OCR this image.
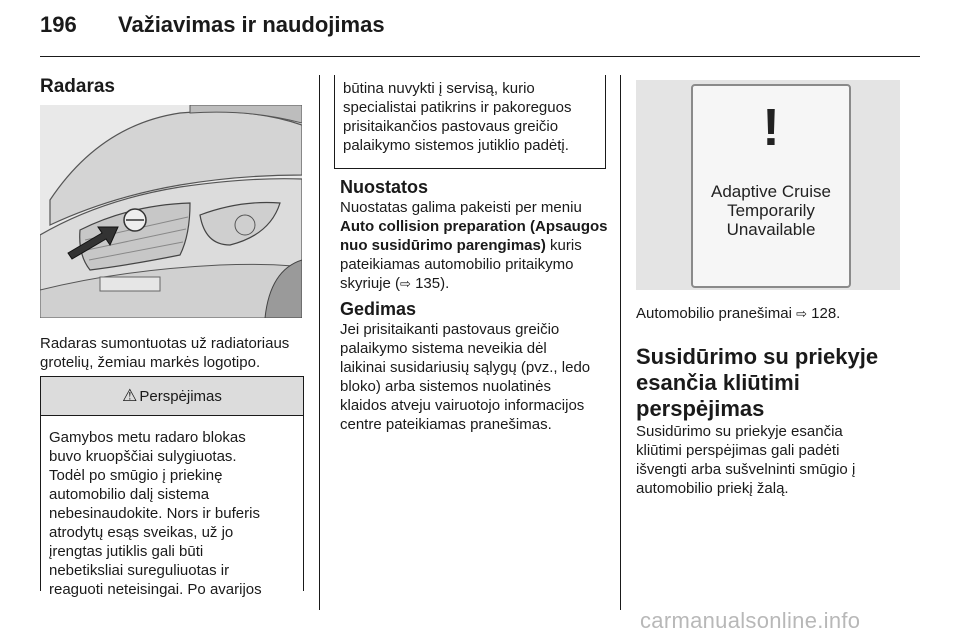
196 Važiavimas ir naudojimas
Radaras
Radaras sumontuotas už radiatoriaus
grotelių, žemiau markės logotipo.
⚠ Perspėjimas
Gamybos metu radaro blokas
buvo kruopščiai sulygiuotas.
Todėl po smūgio į priekinę
automobilio dalį sistema
nebesinaudokite. Nors ir buferis
atrodytų esąs sveikas, už jo
įrengtas jutiklis gali būti
nebetiksliai sureguliuotas ir
reaguoti neteisingai. Po avarijos
būtina nuvykti į servisą, kurio
specialistai patikrins ir pakoreguos
prisitaikančios pastovaus greičio
palaikymo sistemos jutiklio padėtį.
Nuostatos
Nuostatas galima pakeisti per meniu
Auto collision preparation (Apsaugos
nuo susidūrimo parengimas) kuris
pateikiamas automobilio pritaikymo
skyriuje (⇨ 135).
Gedimas
Jei prisitaikanti pastovaus greičio
palaikymo sistema neveikia dėl
laikinai susidariusių sąlygų (pvz., ledo
bloko) arba sistemos nuolatinės
klaidos atveju vairuotojo informacijos
centre pateikiamas pranešimas.
!
Adaptive Cruise
Temporarily
Unavailable
Automobilio pranešimai ⇨ 128.
Susidūrimo su priekyje
esančia kliūtimi
perspėjimas
Susidūrimo su priekyje esančia
kliūtimi perspėjimas gali padėti
išvengti arba sušvelninti smūgio į
automobilio priekį žalą.
carmanualsonline.info
